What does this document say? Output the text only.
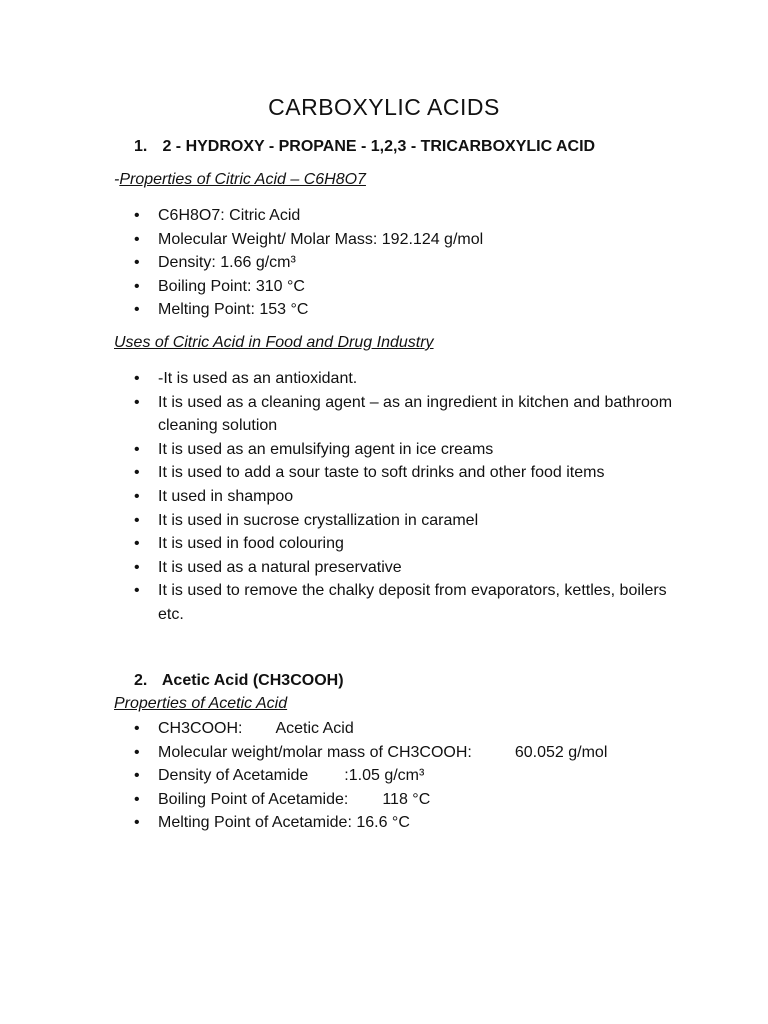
CARBOXYLIC ACIDS

1. 2 - HYDROXY - PROPANE - 1,2,3 - TRICARBOXYLIC ACID

-Properties of Citric Acid – C6H8O7

• C6H8O7: Citric Acid
• Molecular Weight/ Molar Mass: 192.124 g/mol
• Density: 1.66 g/cm³
• Boiling Point: 310 °C
• Melting Point: 153 °C

Uses of Citric Acid in Food and Drug Industry

• -It is used as an antioxidant.
• It is used as a cleaning agent – as an ingredient in kitchen and bathroom cleaning solution
• It is used as an emulsifying agent in ice creams
• It is used to add a sour taste to soft drinks and other food items
• It used in shampoo
• It is used in sucrose crystallization in caramel
• It is used in food colouring
• It is used as a natural preservative
• It is used to remove the chalky deposit from evaporators, kettles, boilers etc.

2. Acetic Acid (CH3COOH)

Properties of Acetic Acid

• CH3COOH: Acetic Acid
• Molecular weight/molar mass of CH3COOH:	60.052 g/mol
• Density of Acetamide :1.05 g/cm³
• Boiling Point of Acetamide: 118 °C
• Melting Point of Acetamide: 16.6 °C
